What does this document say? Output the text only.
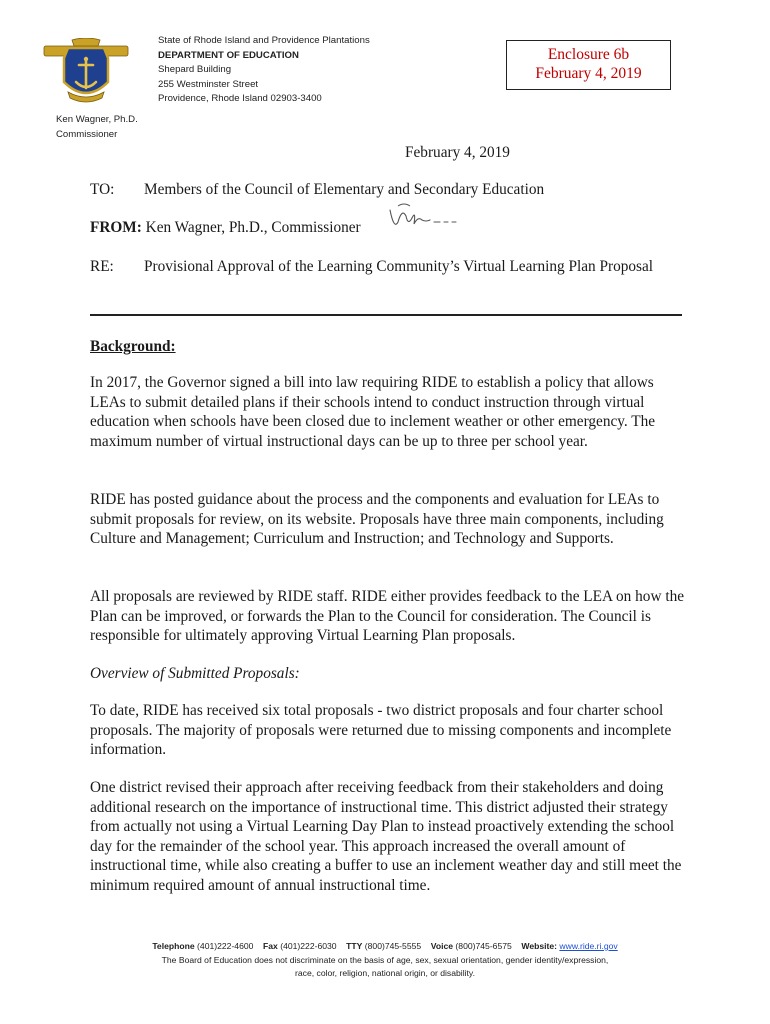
State of Rhode Island and Providence Plantations
DEPARTMENT OF EDUCATION
Shepard Building
255 Westminster Street
Providence, Rhode Island 02903-3400
Enclosure 6b
February 4, 2019
Ken Wagner, Ph.D.
Commissioner
February 4, 2019
TO: Members of the Council of Elementary and Secondary Education
FROM: Ken Wagner, Ph.D., Commissioner
RE: Provisional Approval of the Learning Community’s Virtual Learning Plan Proposal
Background:

In 2017, the Governor signed a bill into law requiring RIDE to establish a policy that allows LEAs to submit detailed plans if their schools intend to conduct instruction through virtual education when schools have been closed due to inclement weather or other emergency. The maximum number of virtual instructional days can be up to three per school year.

RIDE has posted guidance about the process and the components and evaluation for LEAs to submit proposals for review, on its website. Proposals have three main components, including Culture and Management; Curriculum and Instruction; and Technology and Supports.

All proposals are reviewed by RIDE staff. RIDE either provides feedback to the LEA on how the Plan can be improved, or forwards the Plan to the Council for consideration. The Council is responsible for ultimately approving Virtual Learning Plan proposals.

Overview of Submitted Proposals:

To date, RIDE has received six total proposals - two district proposals and four charter school proposals. The majority of proposals were returned due to missing components and incomplete information.

One district revised their approach after receiving feedback from their stakeholders and doing additional research on the importance of instructional time. This district adjusted their strategy from actually not using a Virtual Learning Day Plan to instead proactively extending the school day for the remainder of the school year. This approach increased the overall amount of instructional time, while also creating a buffer to use an inclement weather day and still meet the minimum required amount of annual instructional time.

Telephone (401)222-4600 Fax (401)222-6030 TTY (800)745-5555 Voice (800)745-6575 Website: www.ride.ri.gov
The Board of Education does not discriminate on the basis of age, sex, sexual orientation, gender identity/expression,
race, color, religion, national origin, or disability.
